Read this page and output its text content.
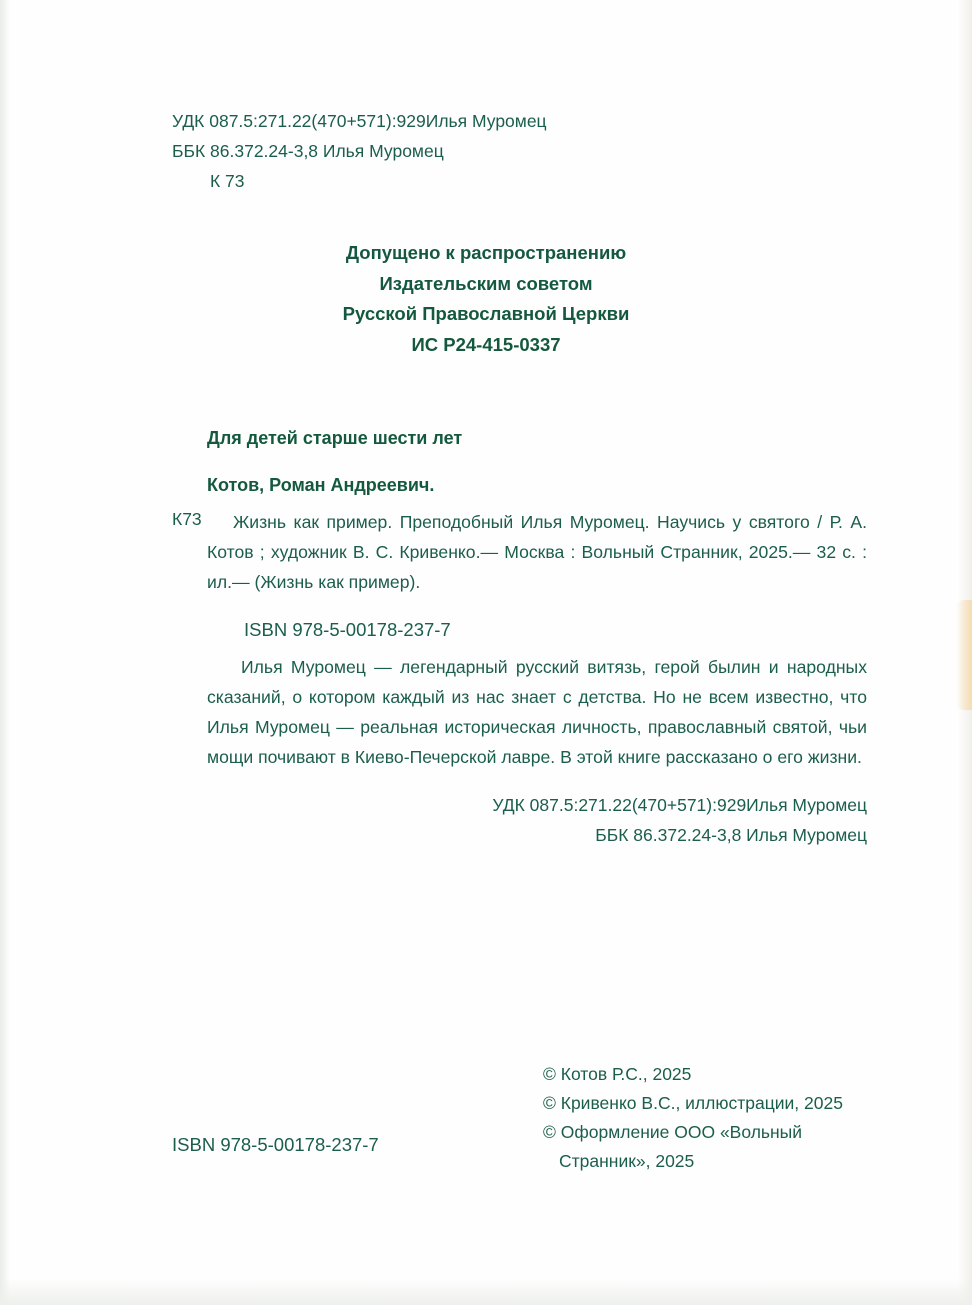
УДК 087.5:271.22(470+571):929Илья Муромец
ББК 86.372.24-3,8 Илья Муромец
К 73
Допущено к распространению
Издательским советом
Русской Православной Церкви
ИС Р24-415-0337
Для детей старше шести лет
Котов, Роман Андреевич.
К73	Жизнь как пример. Преподобный Илья Муромец. Научись у святого / Р. А. Котов ; художник В. С. Кривенко.— Москва : Вольный Странник, 2025.— 32 с. : ил.— (Жизнь как пример).
ISBN 978-5-00178-237-7
Илья Муромец — легендарный русский витязь, герой былин и народных сказаний, о котором каждый из нас знает с детства. Но не всем известно, что Илья Муромец — реальная историческая личность, православный святой, чьи мощи почивают в Киево-Печерской лавре. В этой книге рассказано о его жизни.
УДК 087.5:271.22(470+571):929Илья Муромец
ББК 86.372.24-3,8 Илья Муромец
© Котов Р.С., 2025
© Кривенко В.С., иллюстрации, 2025
© Оформление ООО «Вольный
Странник», 2025
ISBN 978-5-00178-237-7
